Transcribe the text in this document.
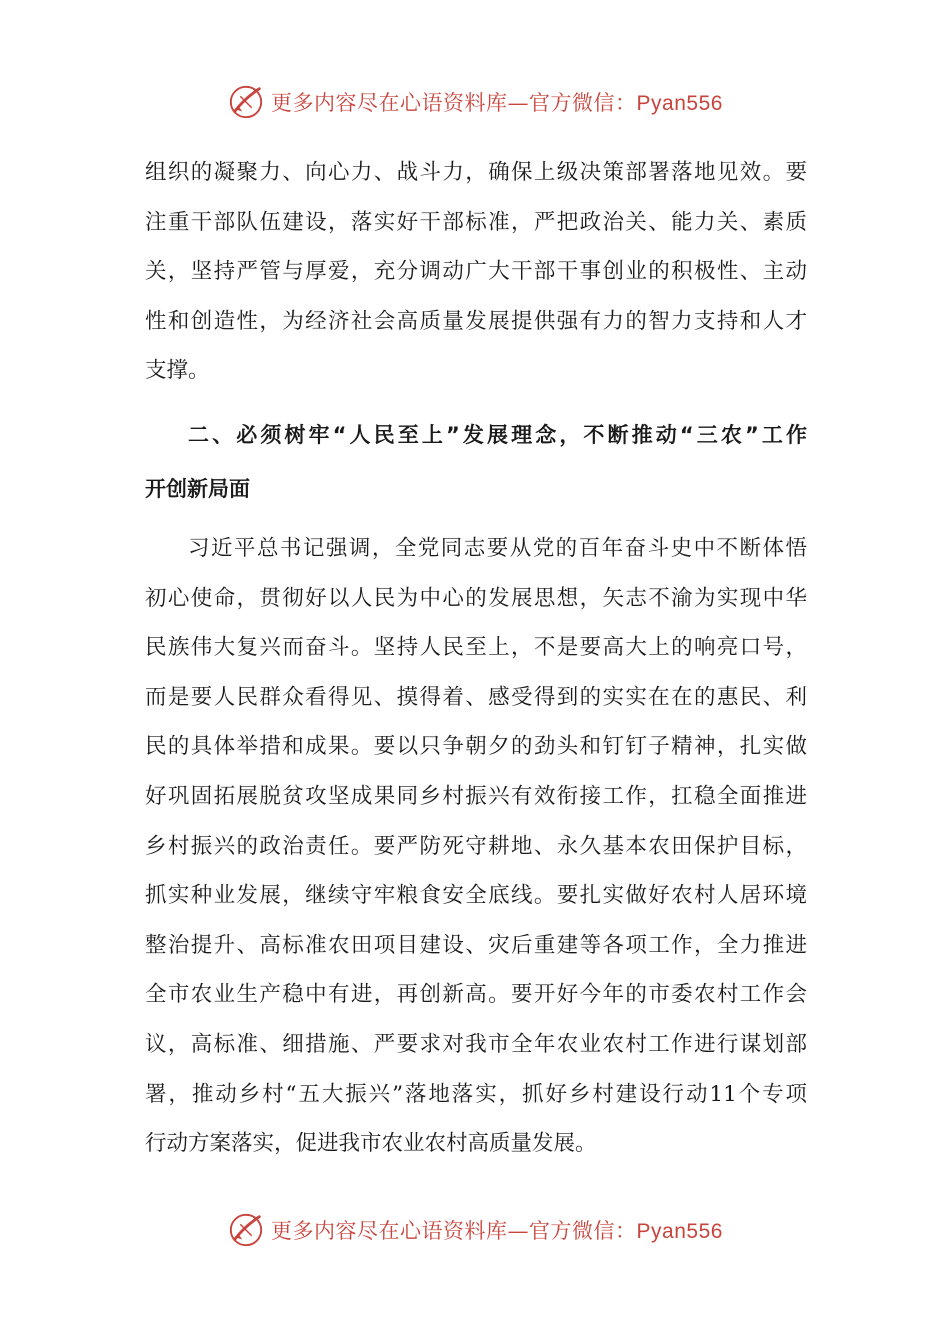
更多内容尽在心语资料库—官方微信：Pyan556
组织的凝聚力、向心力、战斗力，确保上级决策部署落地见效。要
注重干部队伍建设，落实好干部标准，严把政治关、能力关、素质
关，坚持严管与厚爱，充分调动广大干部干事创业的积极性、主动
性和创造性，为经济社会高质量发展提供强有力的智力支持和人才
支撑。
二、必须树牢“人民至上”发展理念，不断推动“三农”工作
开创新局面
习近平总书记强调，全党同志要从党的百年奋斗史中不断体悟
初心使命，贯彻好以人民为中心的发展思想，矢志不渝为实现中华
民族伟大复兴而奋斗。坚持人民至上，不是要高大上的响亮口号，
而是要人民群众看得见、摸得着、感受得到的实实在在的惠民、利
民的具体举措和成果。要以只争朝夕的劲头和钉钉子精神，扎实做
好巩固拓展脱贫攻坚成果同乡村振兴有效衔接工作，扛稳全面推进
乡村振兴的政治责任。要严防死守耕地、永久基本农田保护目标，
抓实种业发展，继续守牢粮食安全底线。要扎实做好农村人居环境
整治提升、高标准农田项目建设、灾后重建等各项工作，全力推进
全市农业生产稳中有进，再创新高。要开好今年的市委农村工作会
议，高标准、细措施、严要求对我市全年农业农村工作进行谋划部
署，推动乡村“五大振兴”落地落实，抓好乡村建设行动11个专项
行动方案落实，促进我市农业农村高质量发展。
更多内容尽在心语资料库—官方微信：Pyan556
